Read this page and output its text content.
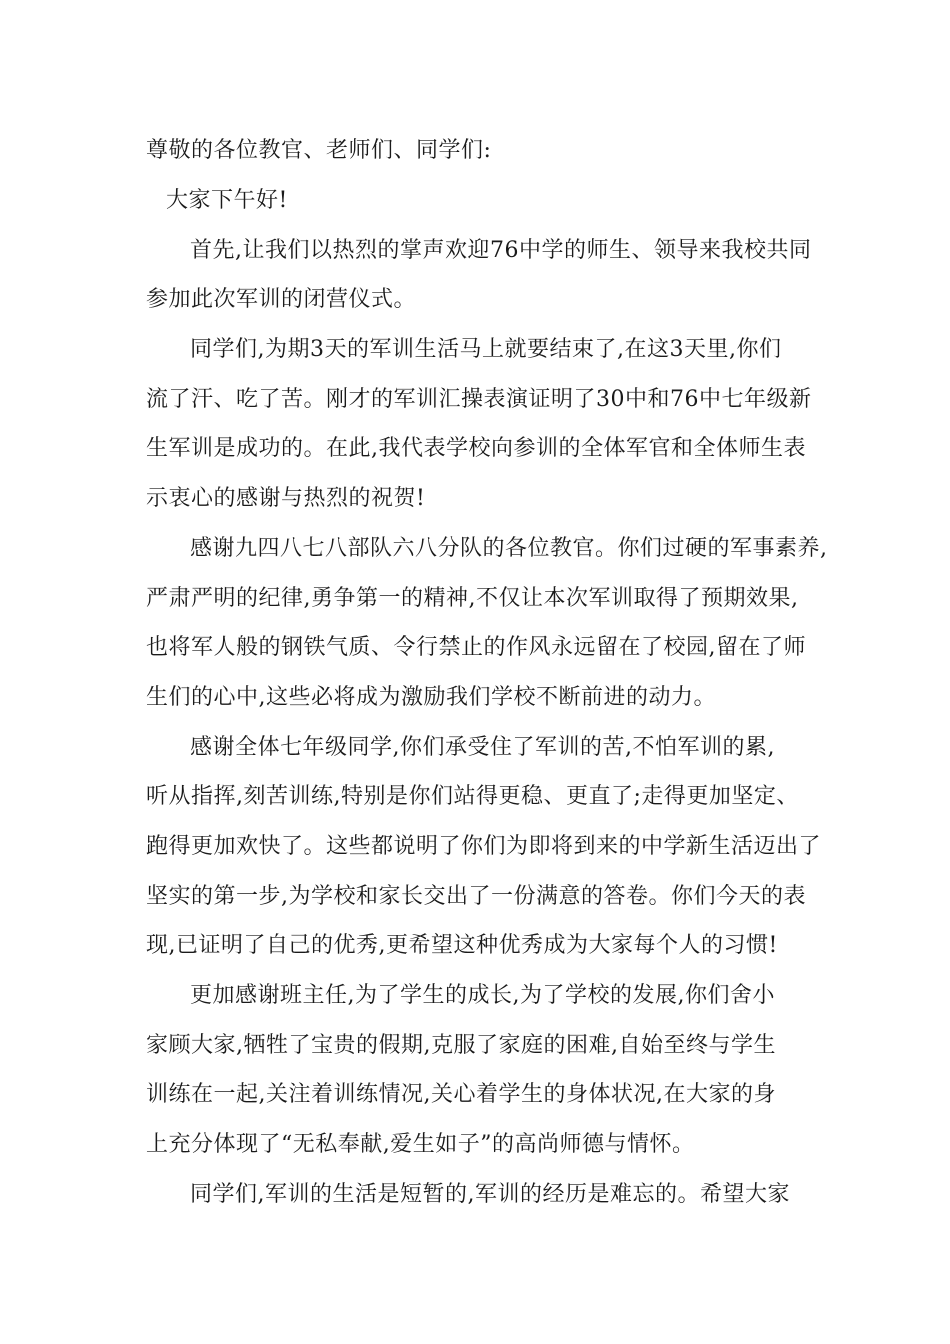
尊敬的各位教官、老师们、同学们:
大家下午好!
首先,让我们以热烈的掌声欢迎76中学的师生、领导来我校共同
参加此次军训的闭营仪式。
同学们,为期3天的军训生活马上就要结束了,在这3天里,你们
流了汗、吃了苦。刚才的军训汇操表演证明了30中和76中七年级新
生军训是成功的。在此,我代表学校向参训的全体军官和全体师生表
示衷心的感谢与热烈的祝贺!
感谢九四八七八部队六八分队的各位教官。你们过硬的军事素养,
严肃严明的纪律,勇争第一的精神,不仅让本次军训取得了预期效果,
也将军人般的钢铁气质、令行禁止的作风永远留在了校园,留在了师
生们的心中,这些必将成为激励我们学校不断前进的动力。
感谢全体七年级同学,你们承受住了军训的苦,不怕军训的累,
听从指挥,刻苦训练,特别是你们站得更稳、更直了;走得更加坚定、
跑得更加欢快了。这些都说明了你们为即将到来的中学新生活迈出了
坚实的第一步,为学校和家长交出了一份满意的答卷。你们今天的表
现,已证明了自己的优秀,更希望这种优秀成为大家每个人的习惯!
更加感谢班主任,为了学生的成长,为了学校的发展,你们舍小
家顾大家,牺牲了宝贵的假期,克服了家庭的困难,自始至终与学生
训练在一起,关注着训练情况,关心着学生的身体状况,在大家的身
上充分体现了“无私奉献,爱生如子”的高尚师德与情怀。
同学们,军训的生活是短暂的,军训的经历是难忘的。希望大家
